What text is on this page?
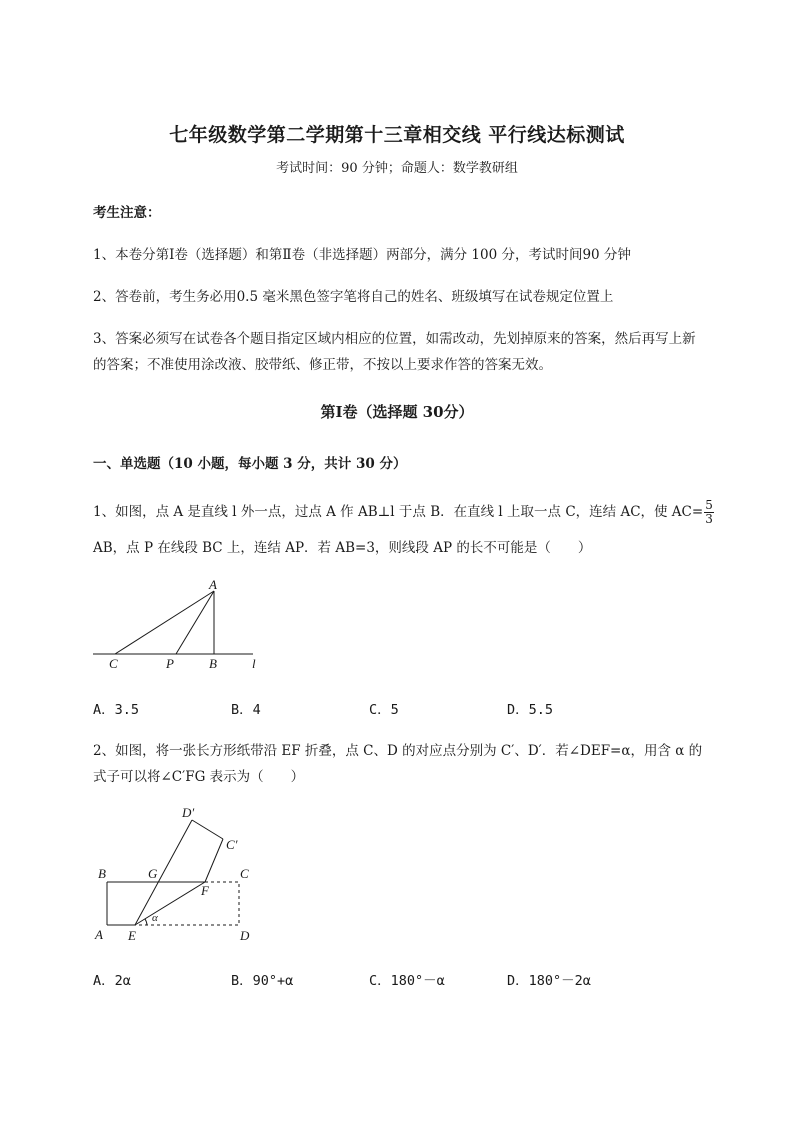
七年级数学第二学期第十三章相交线 平行线达标测试
考试时间：90 分钟；命题人：数学教研组
考生注意：
1、本卷分第Ⅰ卷（选择题）和第Ⅱ卷（非选择题）两部分，满分 100 分，考试时间90 分钟
2、答卷前，考生务必用0.5 毫米黑色签字笔将自己的姓名、班级填写在试卷规定位置上
3、答案必须写在试卷各个题目指定区域内相应的位置，如需改动，先划掉原来的答案，然后再写上新
的答案；不准使用涂改液、胶带纸、修正带，不按以上要求作答的答案无效。
第Ⅰ卷（选择题 30分）
一、单选题（10 小题，每小题 3 分，共计 30 分）
1、如图，点 A 是直线 l 外一点，过点 A 作 AB⊥l 于点 B．在直线 l 上取一点 C，连结 AC，使 $AC= \frac{5}{3}$
AB，点 P 在线段 BC 上，连结 AP．若 AB=3，则线段 AP 的长不可能是（　　）
A
C	P	B	l
A．3.5	B．4	C．5	D．5.5
2、如图，将一张长方形纸带沿 EF 折叠，点 C、D 的对应点分别为 C′、D′．若∠DEF=α，用含 α 的
式子可以将∠C′FG 表示为（　　）
D′
C′
B	G	C
F
A E	D
α
A．2α	B．90°+α	C．180°－α	D．180°－2α
